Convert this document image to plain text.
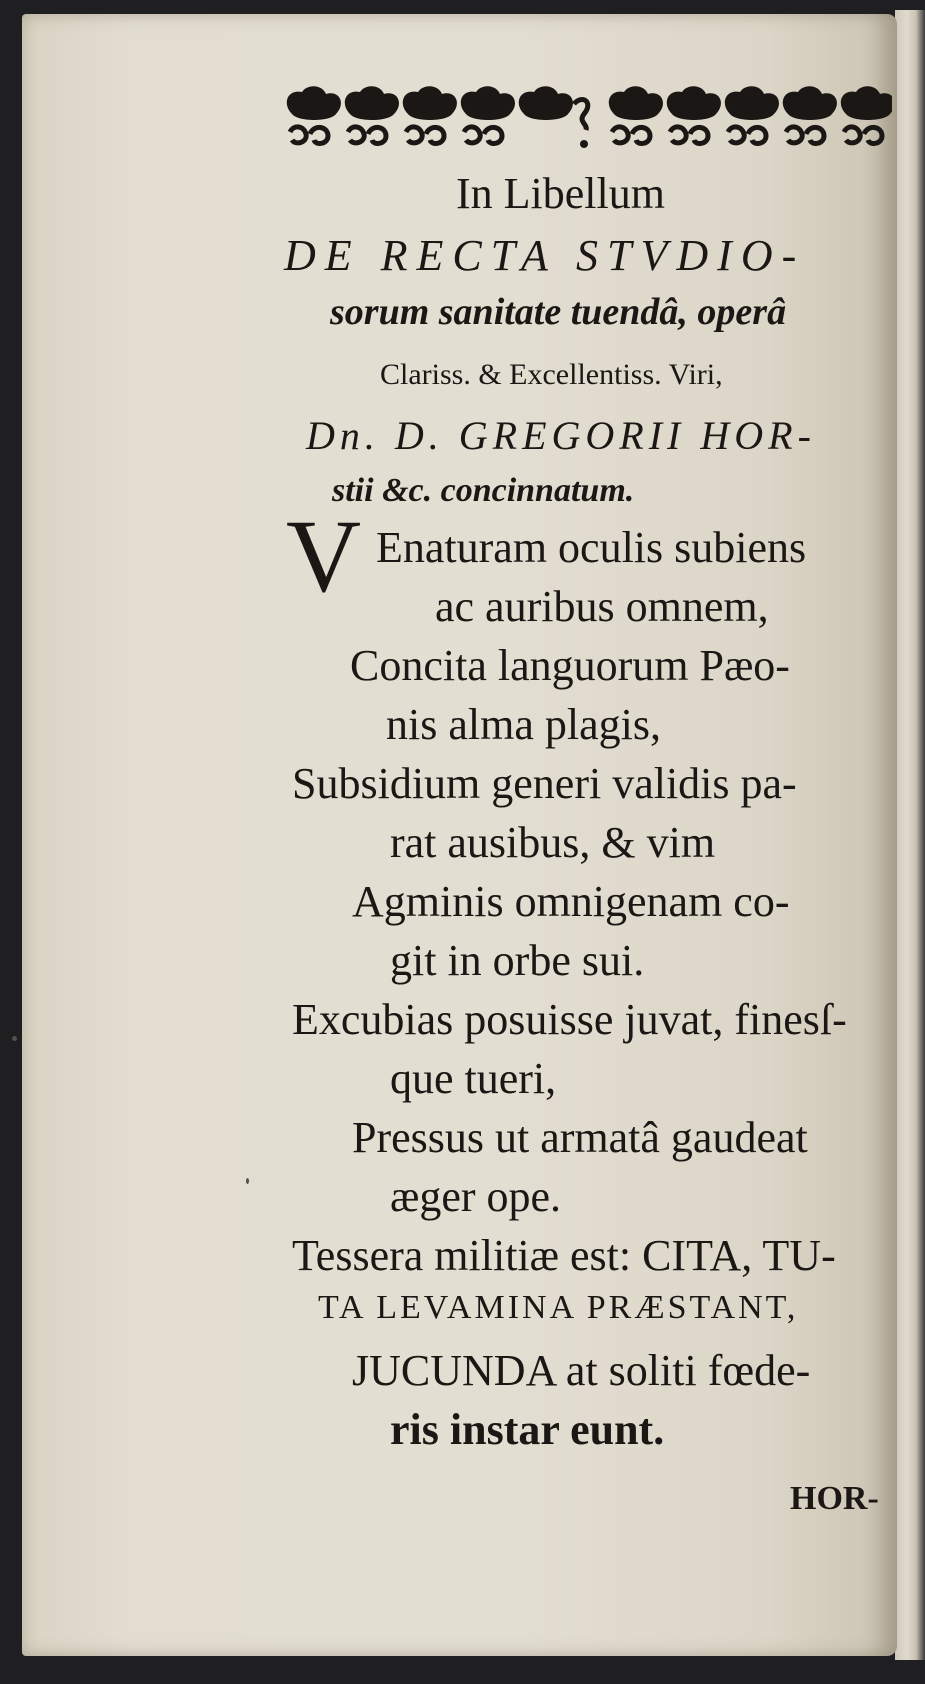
In Libellum
DE RECTA STVDIO-
sorum sanitate tuendâ, operâ
Clariss. & Excellentiss. Viri,
Dn. D. GREGORII HOR-
stii &c. concinnatum.
V Enaturam oculis subiens
ac auribus omnem,
Concita languorum Pæo-
nis alma plagis,
Subsidium generi validis pa-
rat ausibus, & vim
Agminis omnigenam co-
git in orbe sui.
Excubias posuisse juvat, finesſ-
que tueri,
Pressus ut armatâ gaudeat
æger ope.
Tessera militiæ est: CITA, TU-
TA LEVAMINA PRÆSTANT,
JUCUNDA at soliti fœde-
ris instar eunt.
HOR-
